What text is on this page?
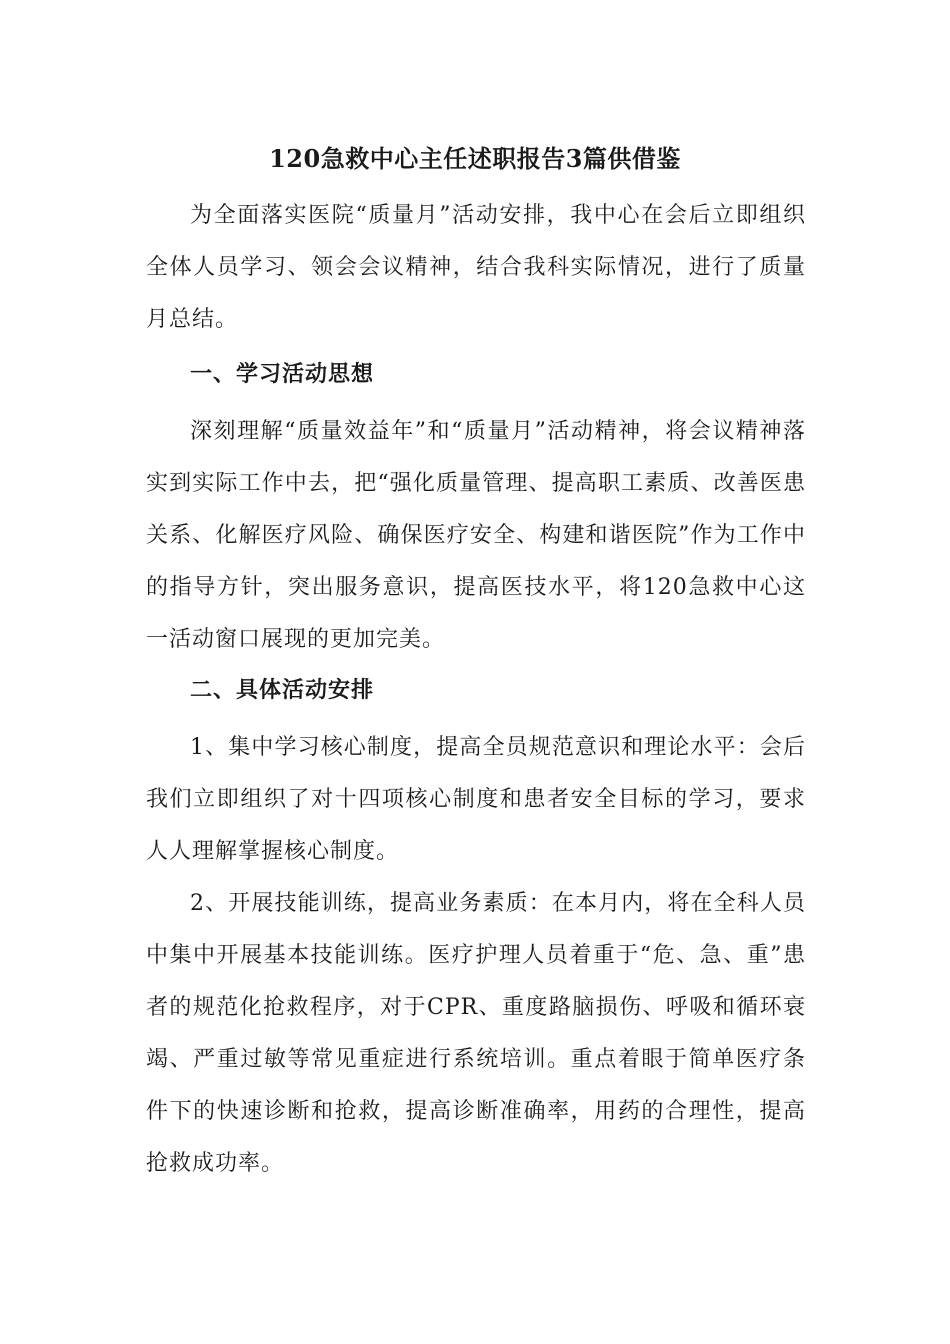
120急救中心主任述职报告3篇供借鉴

为全面落实医院“质量月”活动安排，我中心在会后立即组织全体人员学习、领会会议精神，结合我科实际情况，进行了质量月总结。

一、学习活动思想

深刻理解“质量效益年”和“质量月”活动精神，将会议精神落实到实际工作中去，把“强化质量管理、提高职工素质、改善医患关系、化解医疗风险、确保医疗安全、构建和谐医院”作为工作中的指导方针，突出服务意识，提高医技水平，将120急救中心这一活动窗口展现的更加完美。

二、具体活动安排

1、集中学习核心制度，提高全员规范意识和理论水平：会后我们立即组织了对十四项核心制度和患者安全目标的学习，要求人人理解掌握核心制度。

2、开展技能训练，提高业务素质：在本月内，将在全科人员中集中开展基本技能训练。医疗护理人员着重于“危、急、重”患者的规范化抢救程序，对于CPR、重度路脑损伤、呼吸和循环衰竭、严重过敏等常见重症进行系统培训。重点着眼于简单医疗条件下的快速诊断和抢救，提高诊断准确率，用药的合理性，提高抢救成功率。
